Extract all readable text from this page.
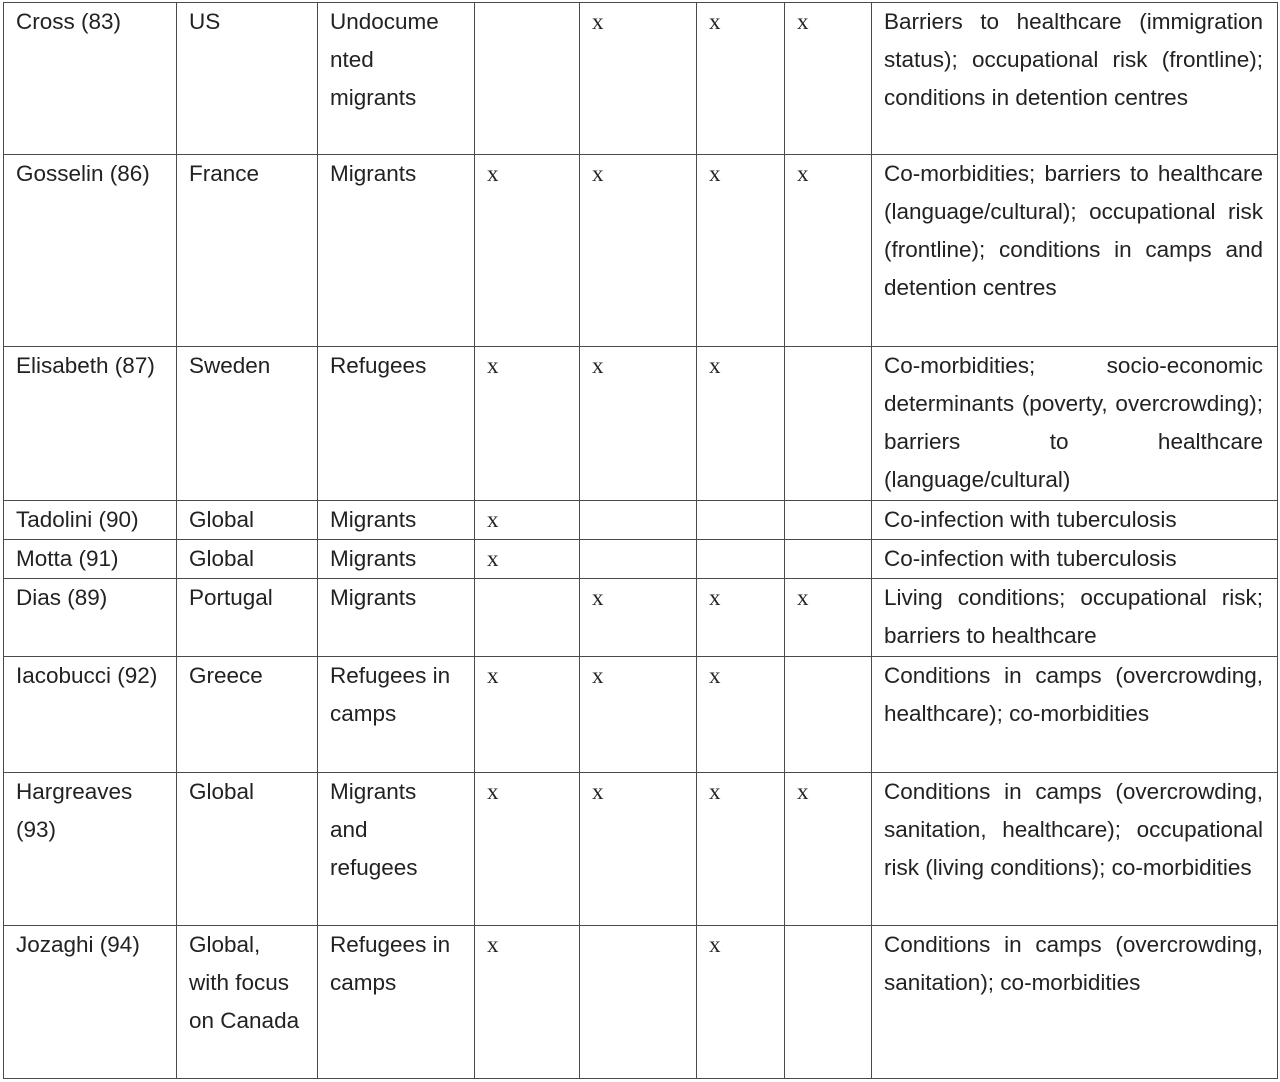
Cross (83)	US	Undocume
nted
migrants		x	x	x	Barriers to healthcare (immigration status); occupational risk (frontline); conditions in detention centres
Gosselin (86)	France	Migrants	x	x	x	x	Co-morbidities; barriers to healthcare (language/cultural); occupational risk (frontline); conditions in camps and detention centres
Elisabeth (87)	Sweden	Refugees	x	x	x		Co-morbidities; socio-economic determinants (poverty, overcrowding); barriers to healthcare (language/cultural)
Tadolini (90)	Global	Migrants	x				Co-infection with tuberculosis
Motta (91)	Global	Migrants	x				Co-infection with tuberculosis
Dias (89)	Portugal	Migrants		x	x	x	Living conditions; occupational risk; barriers to healthcare
Iacobucci (92)	Greece	Refugees in camps	x	x	x		Conditions in camps (overcrowding, healthcare); co-morbidities
Hargreaves (93)	Global	Migrants and refugees	x	x	x	x	Conditions in camps (overcrowding, sanitation, healthcare); occupational risk (living conditions); co-morbidities
Jozaghi (94)	Global, with focus on Canada	Refugees in camps	x		x		Conditions in camps (overcrowding, sanitation); co-morbidities
